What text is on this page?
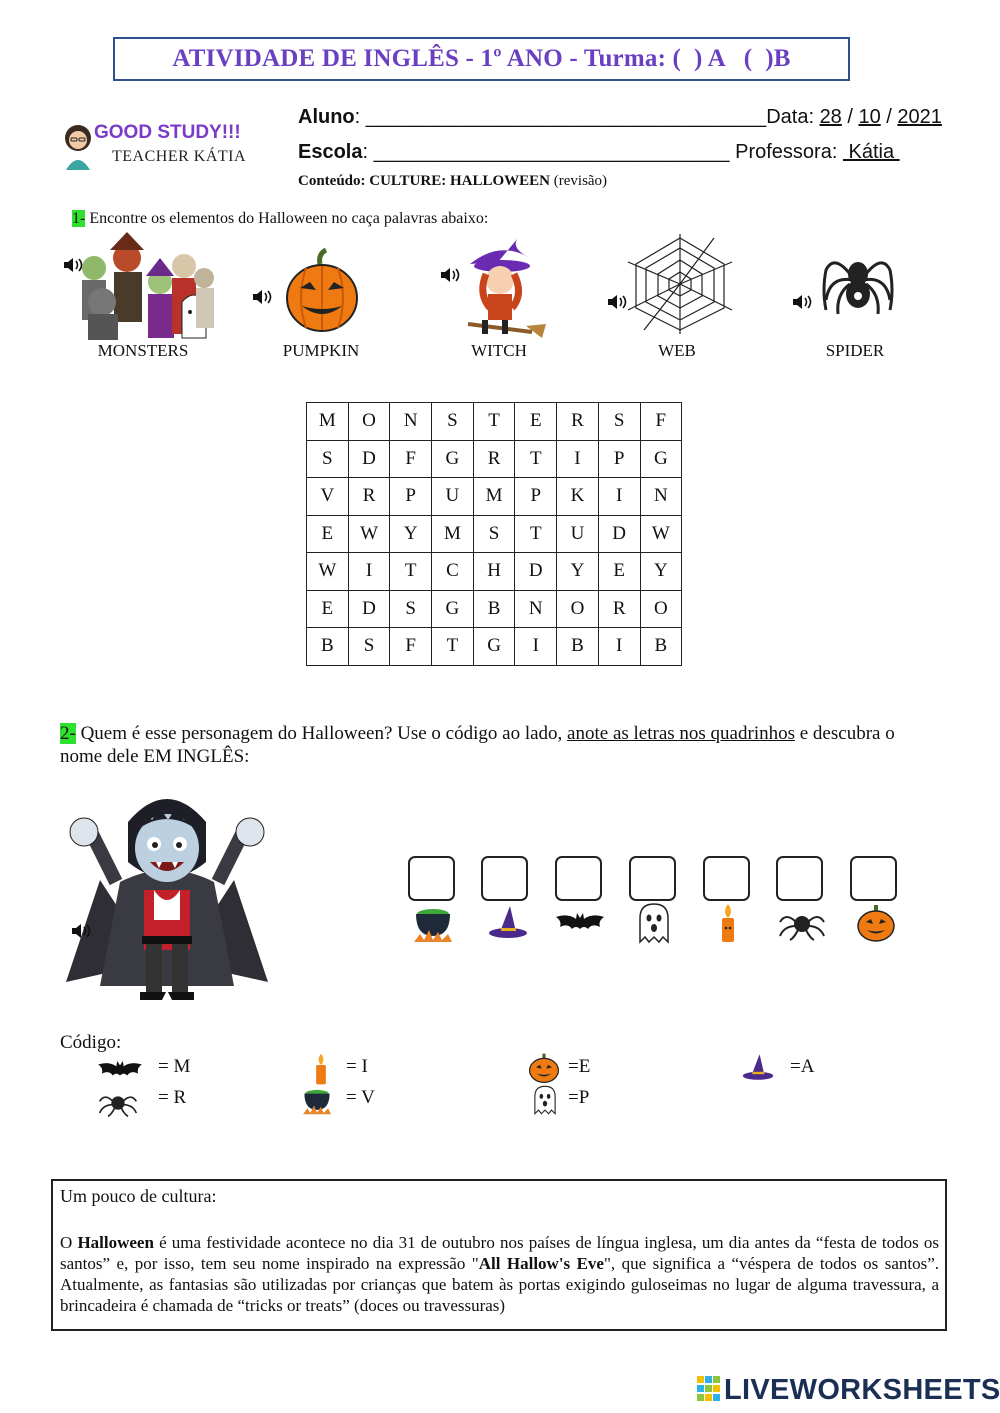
ATIVIDADE DE INGLÊS - 1º ANO - Turma: (  ) A   (  )B
GOOD STUDY!!!
TEACHER KÁTIA
Aluno: ____________________________________Data: 28 / 10 / 2021
Escola: ________________________________ Professora:  Kátia
Conteúdo: CULTURE: HALLOWEEN (revisão)
1- Encontre os elementos do Halloween no caça palavras abaixo:
MONSTERS	PUMPKIN	WITCH	WEB	SPIDER
M	O	N	S	T	E	R	S	F
S	D	F	G	R	T	I	P	G
V	R	P	U	M	P	K	I	N
E	W	Y	M	S	T	U	D	W
W	I	T	C	H	D	Y	E	Y
E	D	S	G	B	N	O	R	O
B	S	F	T	G	I	B	I	B
2- Quem é esse personagem do Halloween? Use o código ao lado, anote as letras nos quadrinhos e descubra o nome dele EM INGLÊS:
Código:
= M	= I	=E	=A
= R	= V	=P
Um pouco de cultura:
O Halloween é uma festividade acontece no dia 31 de outubro nos países de língua inglesa, um dia antes da “festa de todos os santos” e, por isso, tem seu nome inspirado na expressão "All Hallow's Eve", que significa a “véspera de todos os santos”. Atualmente, as fantasias são utilizadas por crianças que batem às portas exigindo guloseimas no lugar de alguma travessura, a brincadeira é chamada de “tricks or treats” (doces ou travessuras)
LIVEWORKSHEETS
